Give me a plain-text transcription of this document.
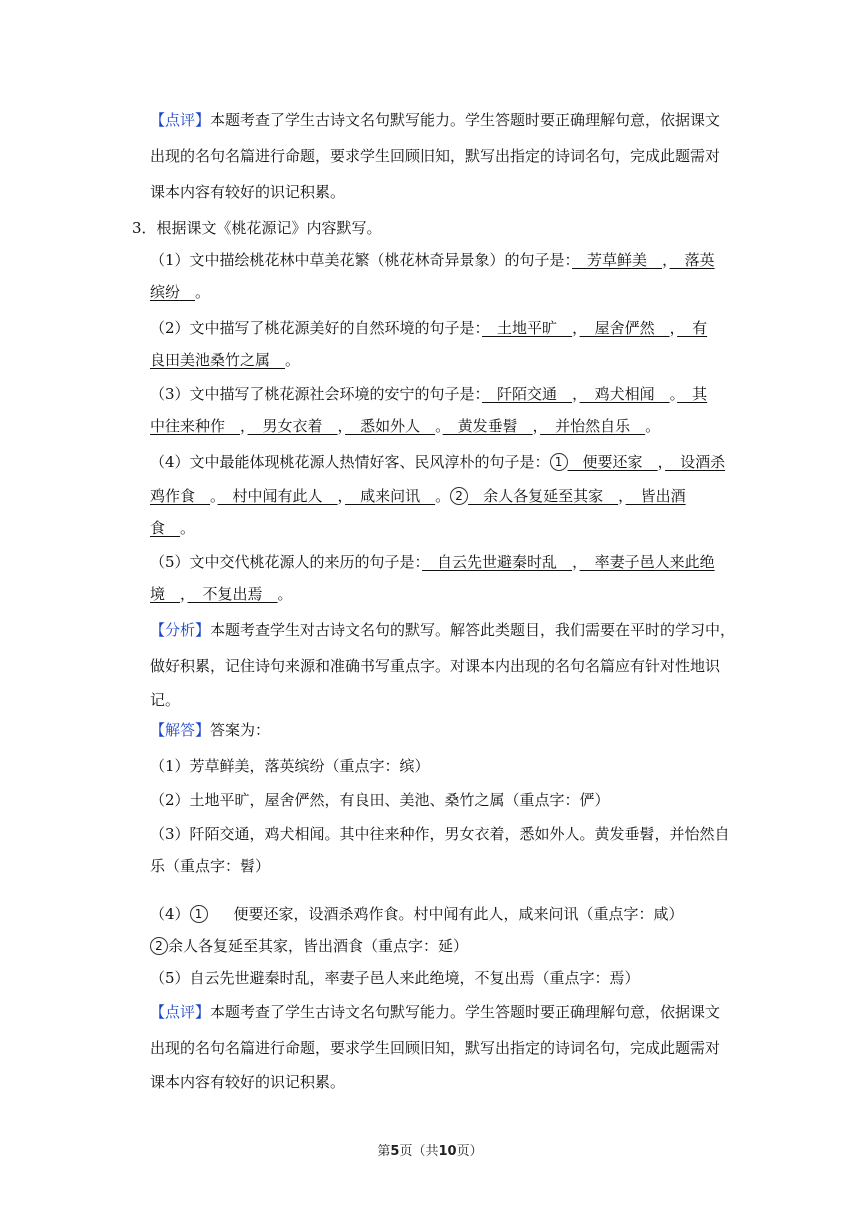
【点评】本题考查了学生古诗文名句默写能力。学生答题时要正确理解句意，依据课文
出现的名句名篇进行命题，要求学生回顾旧知，默写出指定的诗词名句，完成此题需对
课本内容有较好的识记积累。
3．根据课文《桃花源记》内容默写。
（1）文中描绘桃花林中草美花繁（桃花林奇异景象）的句子是：　芳草鲜美　，　落英
缤纷　。
（2）文中描写了桃花源美好的自然环境的句子是：　土地平旷　，　屋舍俨然　，　有
良田美池桑竹之属　。
（3）文中描写了桃花源社会环境的安宁的句子是：　阡陌交通　，　鸡犬相闻　。　其
中往来种作　，　男女衣着　，　悉如外人　。　黄发垂髫　，　并怡然自乐　。
（4）文中最能体现桃花源人热情好客、民风淳朴的句子是： 1　便要还家　，　设酒杀
鸡作食　。　村中闻有此人　，　咸来问讯　。 2　余人各复延至其家　，　皆出酒
食　。
（5）文中交代桃花源人的来历的句子是：　自云先世避秦时乱　，　率妻子邑人来此绝
境　，　不复出焉　。
【分析】本题考查学生对古诗文名句的默写。解答此类题目，我们需要在平时的学习中，
做好积累，记住诗句来源和准确书写重点字。对课本内出现的名句名篇应有针对性地识
记。
【解答】答案为：
（1）芳草鲜美，落英缤纷（重点字：缤）
（2）土地平旷，屋舍俨然，有良田、美池、桑竹之属（重点字：俨）
（3）阡陌交通，鸡犬相闻。其中往来种作，男女衣着，悉如外人。黄发垂髫，并怡然自
乐（重点字：髫）
（4） 1 便要还家，设酒杀鸡作食。村中闻有此人，咸来问讯（重点字：咸）
2 余人各复延至其家，皆出酒食（重点字：延）
（5）自云先世避秦时乱，率妻子邑人来此绝境，不复出焉（重点字：焉）
【点评】本题考查了学生古诗文名句默写能力。学生答题时要正确理解句意，依据课文
出现的名句名篇进行命题，要求学生回顾旧知，默写出指定的诗词名句，完成此题需对
课本内容有较好的识记积累。
第5页（共10页）
